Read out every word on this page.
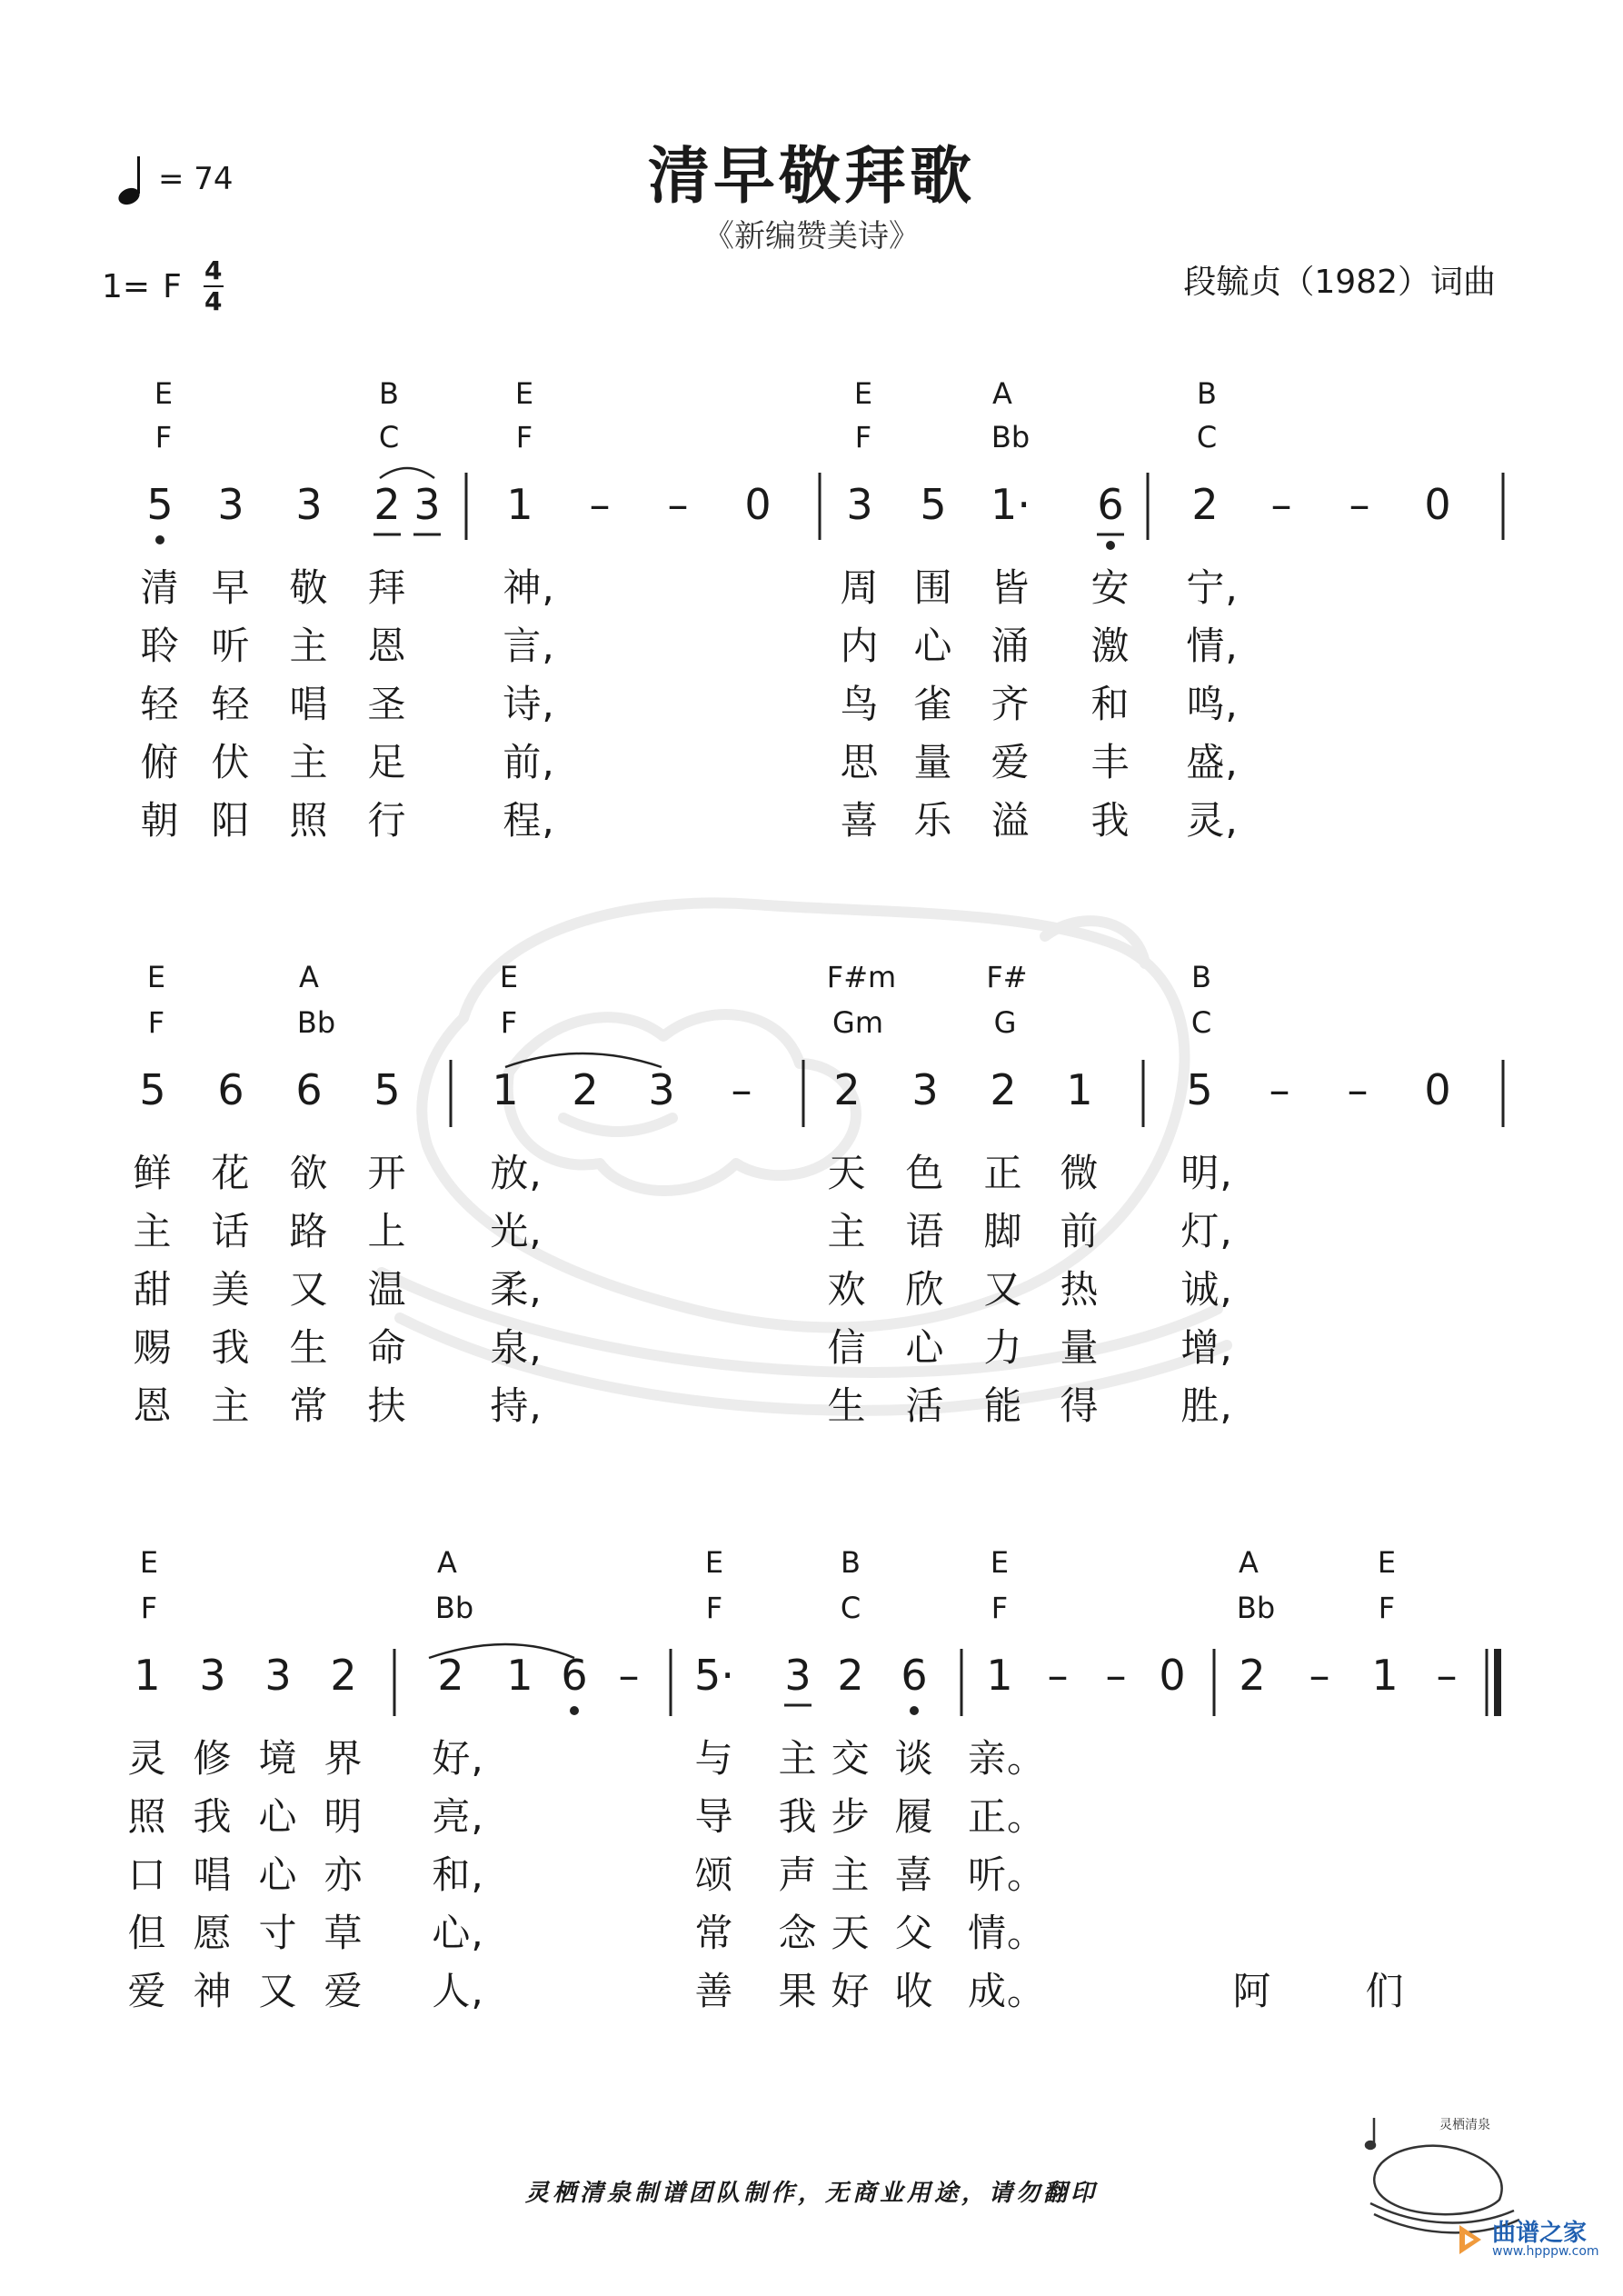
清早敬拜歌
《新编赞美诗》
= 74
1= F 4
4
段毓贞（1982）词曲
E	B	E	E	A	B
F	C	F	F	Bb	C
5 3 3 2 3 1 – – 0 3 5 1· 6 2 – – 0
清 早 敬 拜	神,	周 围 皆 安 宁,
聆 听 主 恩	言,	内 心 涌 激 情,
轻 轻 唱 圣	诗,	鸟 雀 齐 和 鸣,
俯 伏 主 足	前,	思 量 爱 丰 盛,
朝 阳 照 行	程,	喜 乐 溢 我 灵,
E	A	E	F#m	F#	B
F	Bb	F	Gm	G	C
5 6 6 5 1 2 3 – 2 3 2 1 5 – – 0
鲜 花 欲 开 放,	天 色 正 微 明,
主 话 路 上 光,	主 语 脚 前 灯,
甜 美 又 温 柔,	欢 欣 又 热 诚,
赐 我 生 命 泉,	信 心 力 量 增,
恩 主 常 扶 持,	生 活 能 得 胜,
E	A	E	B	E	A	E
F	Bb	F	C	F	Bb	F
1 3 3 2 2 1 6 – 5· 3 2 6 1 – – 0 2 – 1 –
灵 修 境 界 好,	与 主 交 谈 亲。
照 我 心 明 亮,	导 我 步 履 正。
口 唱 心 亦 和,	颂 声 主 喜 听。
但 愿 寸 草 心,	常 念 天 父 情。
爱 神 又 爱 人,	善 果 好 收 成。	阿 们
灵栖清泉制谱团队制作，无商业用途，请勿翻印
灵栖清泉
曲谱之家
www.hpppw.com
